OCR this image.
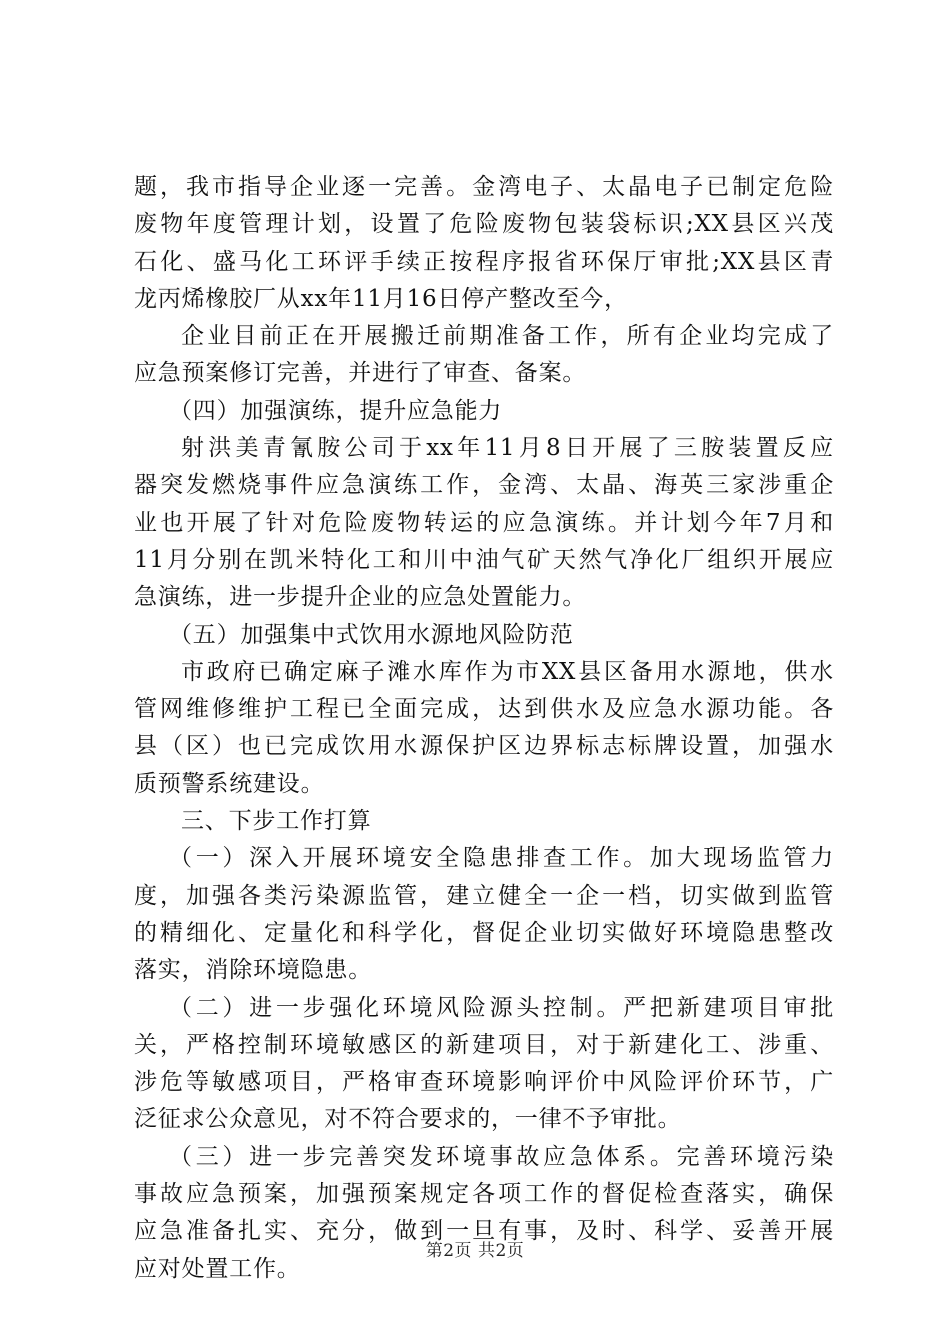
题，我市指导企业逐一完善。金湾电子、太晶电子已制定危险
废物年度管理计划，设置了危险废物包装袋标识;XX县区兴茂
石化、盛马化工环评手续正按程序报省环保厅审批;XX县区青
龙丙烯橡胶厂从xx年11月16日停产整改至今，
企业目前正在开展搬迁前期准备工作，所有企业均完成了
应急预案修订完善，并进行了审查、备案。
（四）加强演练，提升应急能力
射洪美青氰胺公司于xx年11月8日开展了三胺装置反应
器突发燃烧事件应急演练工作，金湾、太晶、海英三家涉重企
业也开展了针对危险废物转运的应急演练。并计划今年7月和
11月分别在凯米特化工和川中油气矿天然气净化厂组织开展应
急演练，进一步提升企业的应急处置能力。
（五）加强集中式饮用水源地风险防范
市政府已确定麻子滩水库作为市XX县区备用水源地，供水
管网维修维护工程已全面完成，达到供水及应急水源功能。各
县（区）也已完成饮用水源保护区边界标志标牌设置，加强水
质预警系统建设。
三、下步工作打算
（一）深入开展环境安全隐患排查工作。加大现场监管力
度，加强各类污染源监管，建立健全一企一档，切实做到监管
的精细化、定量化和科学化，督促企业切实做好环境隐患整改
落实，消除环境隐患。
（二）进一步强化环境风险源头控制。严把新建项目审批
关，严格控制环境敏感区的新建项目，对于新建化工、涉重、
涉危等敏感项目，严格审查环境影响评价中风险评价环节，广
泛征求公众意见，对不符合要求的，一律不予审批。
（三）进一步完善突发环境事故应急体系。完善环境污染
事故应急预案，加强预案规定各项工作的督促检查落实，确保
应急准备扎实、充分，做到一旦有事，及时、科学、妥善开展
应对处置工作。
第2页 共2页
